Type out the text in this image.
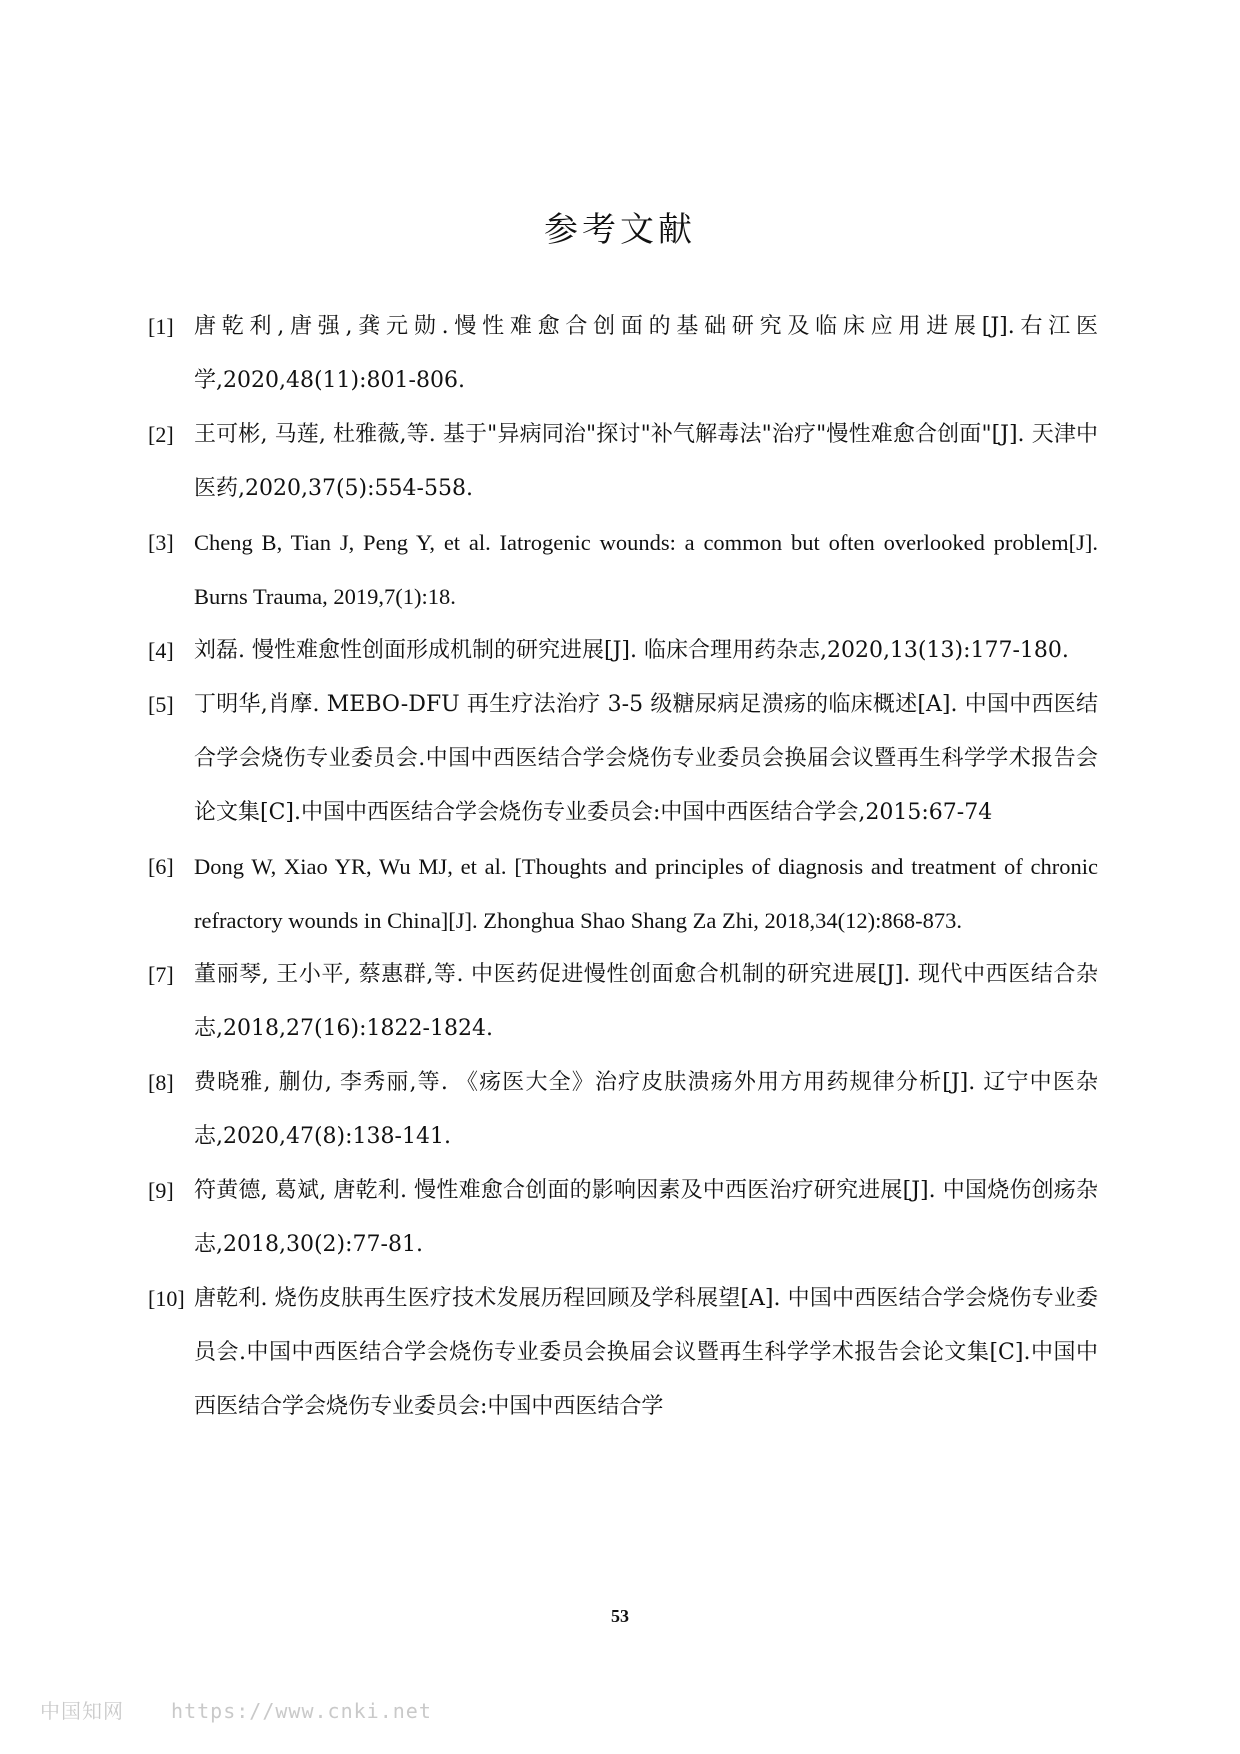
参考文献
[1] 唐乾利,唐强,龚元勋.慢性难愈合创面的基础研究及临床应用进展[J].右江医学,2020,48(11):801-806.
[2] 王可彬, 马莲, 杜雅薇,等. 基于"异病同治"探讨"补气解毒法"治疗"慢性难愈合创面"[J]. 天津中医药,2020,37(5):554-558.
[3] Cheng B, Tian J, Peng Y, et al. Iatrogenic wounds: a common but often overlooked problem[J]. Burns Trauma, 2019,7(1):18.
[4] 刘磊. 慢性难愈性创面形成机制的研究进展[J]. 临床合理用药杂志,2020,13(13):177-180.
[5] 丁明华,肖摩. MEBO-DFU 再生疗法治疗 3-5 级糖尿病足溃疡的临床概述[A]. 中国中西医结合学会烧伤专业委员会.中国中西医结合学会烧伤专业委员会换届会议暨再生科学学术报告会论文集[C].中国中西医结合学会烧伤专业委员会:中国中西医结合学会,2015:67-74
[6] Dong W, Xiao YR, Wu MJ, et al. [Thoughts and principles of diagnosis and treatment of chronic refractory wounds in China][J]. Zhonghua Shao Shang Za Zhi, 2018,34(12):868-873.
[7] 董丽琴, 王小平, 蔡惠群,等. 中医药促进慢性创面愈合机制的研究进展[J]. 现代中西医结合杂志,2018,27(16):1822-1824.
[8] 费晓雅, 蒯仂, 李秀丽,等. 《疡医大全》治疗皮肤溃疡外用方用药规律分析[J]. 辽宁中医杂志,2020,47(8):138-141.
[9] 符黄德, 葛斌, 唐乾利. 慢性难愈合创面的影响因素及中西医治疗研究进展[J]. 中国烧伤创疡杂志,2018,30(2):77-81.
[10] 唐乾利. 烧伤皮肤再生医疗技术发展历程回顾及学科展望[A]. 中国中西医结合学会烧伤专业委员会.中国中西医结合学会烧伤专业委员会换届会议暨再生科学学术报告会论文集[C].中国中西医结合学会烧伤专业委员会:中国中西医结合学
53
中国知网 https://www.cnki.net
